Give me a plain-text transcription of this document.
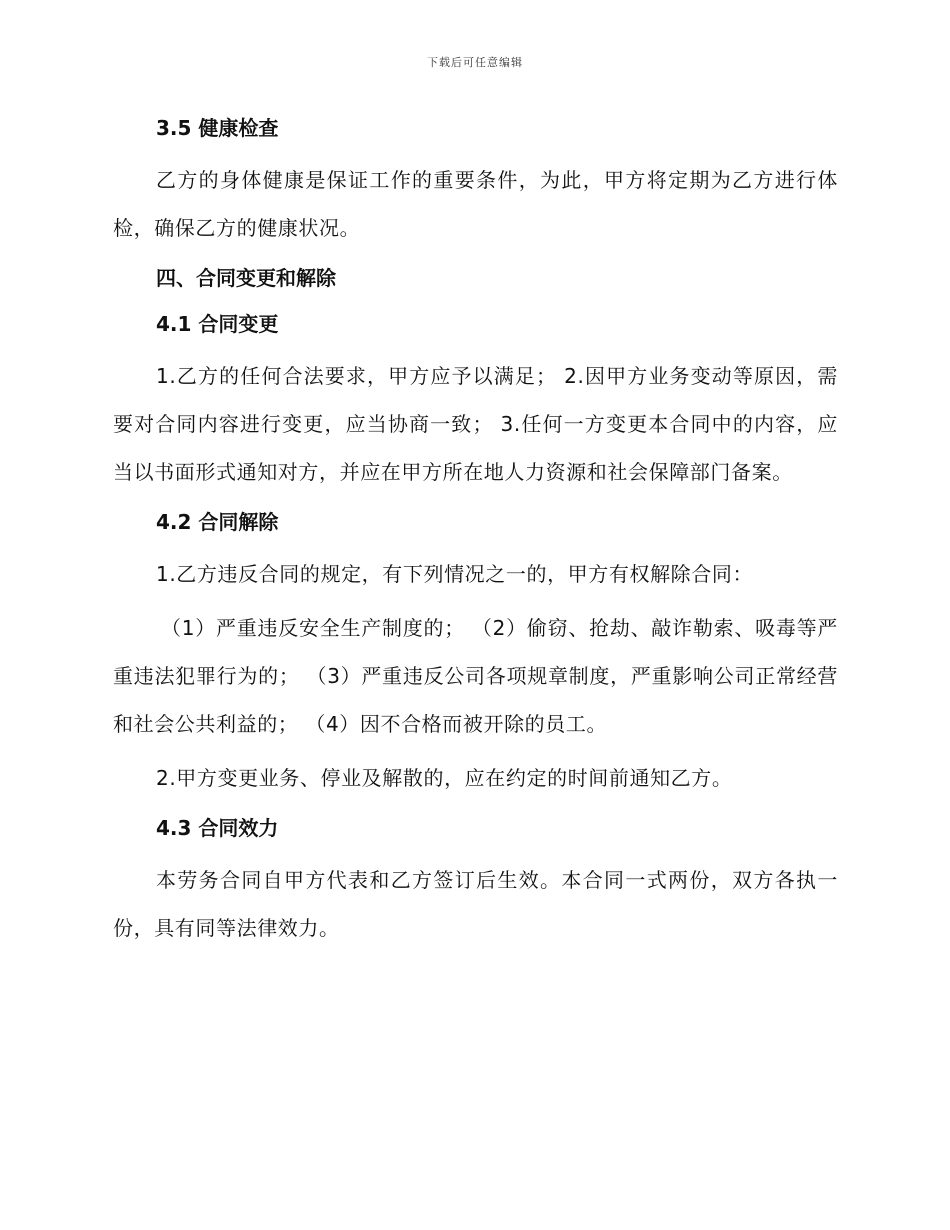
下载后可任意编辑
3.5 健康检查

乙方的身体健康是保证工作的重要条件，为此，甲方将定期为乙方进行体检，确保乙方的健康状况。

四、合同变更和解除
4.1 合同变更

1.乙方的任何合法要求，甲方应予以满足； 2.因甲方业务变动等原因，需要对合同内容进行变更，应当协商一致； 3.任何一方变更本合同中的内容，应当以书面形式通知对方，并应在甲方所在地人力资源和社会保障部门备案。

4.2 合同解除

1.乙方违反合同的规定，有下列情况之一的，甲方有权解除合同：

（1）严重违反安全生产制度的； （2）偷窃、抢劫、敲诈勒索、吸毒等严重违法犯罪行为的； （3）严重违反公司各项规章制度，严重影响公司正常经营和社会公共利益的； （4）因不合格而被开除的员工。

2.甲方变更业务、停业及解散的，应在约定的时间前通知乙方。

4.3 合同效力

本劳务合同自甲方代表和乙方签订后生效。本合同一式两份，双方各执一份，具有同等法律效力。
